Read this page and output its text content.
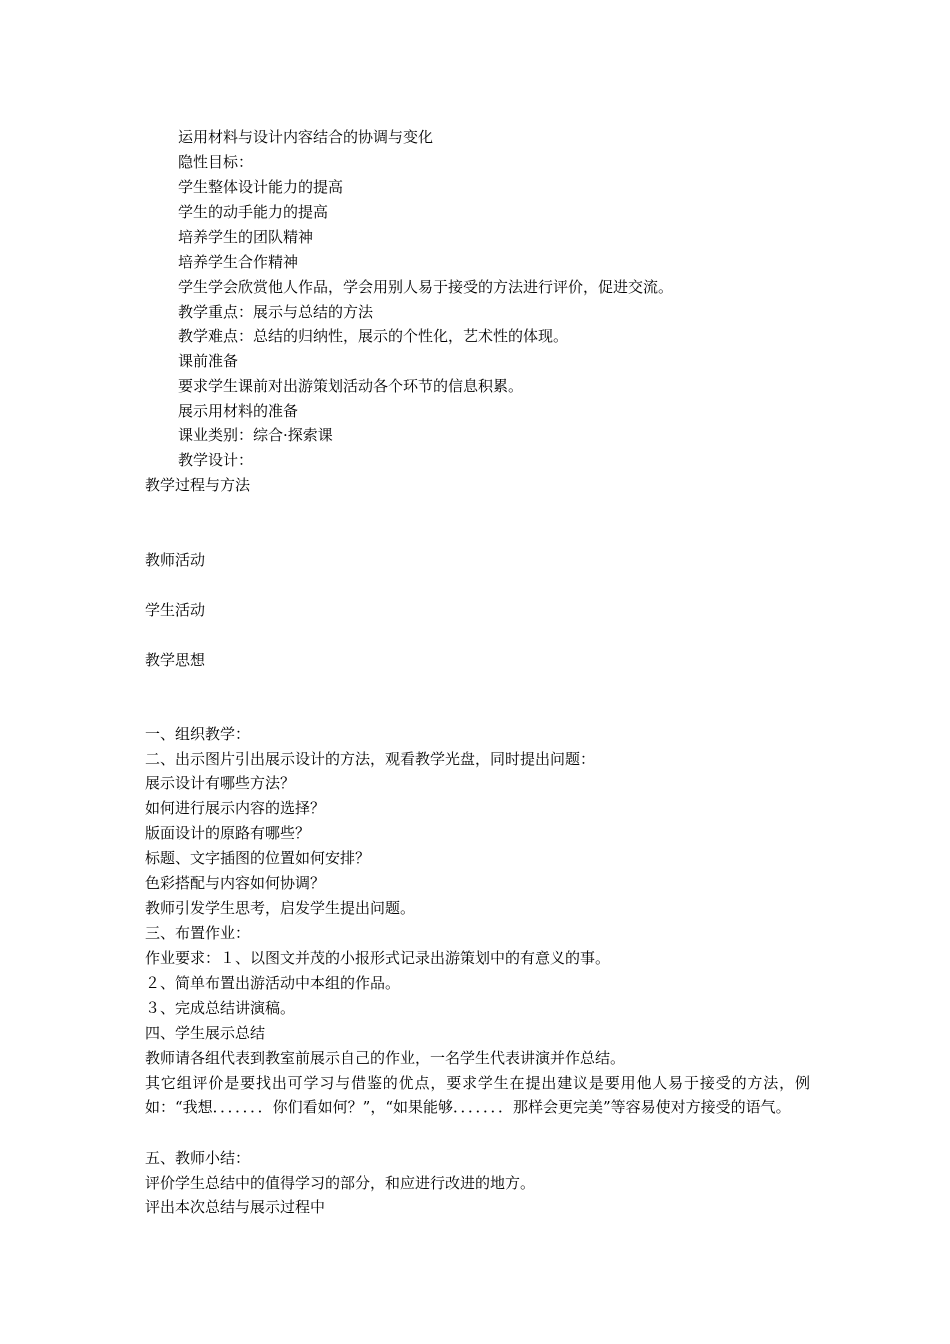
运用材料与设计内容结合的协调与变化

隐性目标：

学生整体设计能力的提高

学生的动手能力的提高

培养学生的团队精神

培养学生合作精神

学生学会欣赏他人作品，学会用别人易于接受的方法进行评价，促进交流。

教学重点：展示与总结的方法

教学难点：总结的归纳性，展示的个性化，艺术性的体现。

课前准备

要求学生课前对出游策划活动各个环节的信息积累。

展示用材料的准备

课业类别：综合·探索课

教学设计：

教学过程与方法

教师活动

学生活动

教学思想

一、组织教学：

二、出示图片引出展示设计的方法，观看教学光盘，同时提出问题：

展示设计有哪些方法？

如何进行展示内容的选择？

版面设计的原路有哪些？

标题、文字插图的位置如何安排？

色彩搭配与内容如何协调？

教师引发学生思考，启发学生提出问题。

三、布置作业：

作业要求：１、以图文并茂的小报形式记录出游策划中的有意义的事。

２、简单布置出游活动中本组的作品。

３、完成总结讲演稿。

四、学生展示总结

教师请各组代表到教室前展示自己的作业，一名学生代表讲演并作总结。

其它组评价是要找出可学习与借鉴的优点，要求学生在提出建议是要用他人易于接受的方法，例如：“我想．．．．．．．你们看如何？”，“如果能够．．．．．．．那样会更完美”等容易使对方接受的语气。

五、教师小结：

评价学生总结中的值得学习的部分，和应进行改进的地方。

评出本次总结与展示过程中
